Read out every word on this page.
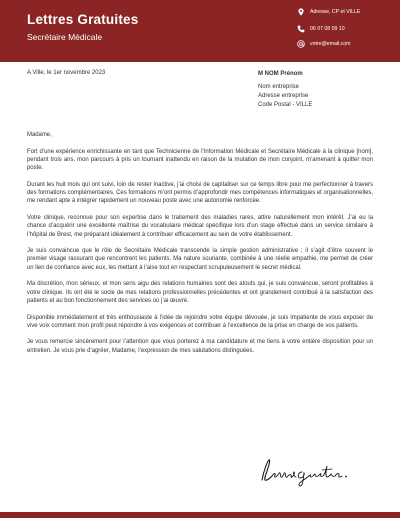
Lettres Gratuites
Secrétaire Médicale
Adresse, CP et VILLE
06 07 08 09 10
votre@email.com
A Ville, le 1er novembre 2023	M NOM Prénom
Nom entreprise
Adresse entreprise
Code Postal - VILLE

Madame,

Fort d’une expérience enrichissante en tant que Technicienne de l’Information Médicale et Secrétaire Médicale à la clinique [nom], pendant trois ans, mon parcours à pris un tournant inattendu en raison de la mutation de mon conjoint, m’amenant à quitter mon poste.

Durant les huit mois qui ont suivi, loin de rester inactive, j’ai choisi de capitaliser sur ce temps libre pour me perfectionner à travers des formations complémentaires. Ces formations m’ont permis d’approfondir mes compétences informatiques et organisationnelles, me rendant apte à intégrer rapidement un nouveau poste avec une autonomie renforcée.

Votre clinique, reconnue pour son expertise dans le traitement des maladies rares, attire naturellement mon intérêt. J’ai eu la chance d’acquérir une excellente maîtrise du vocabulaire médical spécifique lors d’un stage effectué dans un service similaire à l’hôpital de Brest, me préparant idéalement à contribuer efficacement au sein de votre établissement.

Je suis convaincue que le rôle de Secrétaire Médicale transcende la simple gestion administrative ; il s’agit d’être souvent le premier visage rassurant que rencontrent les patients. Ma nature souriante, combinée à une réelle empathie, me permet de créer un lien de confiance avec eux, les mettant à l’aise tout en respectant scrupuleusement le secret médical.

Ma discrétion, mon sérieux, et mon sens aigu des relations humaines sont des atouts qui, je suis convaincue, seront profitables à votre clinique. Ils ont été le socle de mes relations professionnelles précédentes et ont grandement contribué à la satisfaction des patients et au bon fonctionnement des services où j’ai œuvré.

Disponible immédiatement et très enthousiaste à l’idée de rejoindre votre équipe dévouée, je suis impatiente de vous exposer de vive voix comment mon profil peut répondre à vos exigences et contribuer à l’excellence de la prise en charge de vos patients.

Je vous remercie sincèrement pour l’attention que vous porterez à ma candidature et me tiens à votre entière disposition pour un entretien. Je vous prie d’agréer, Madame, l’expression de mes salutations distinguées.
